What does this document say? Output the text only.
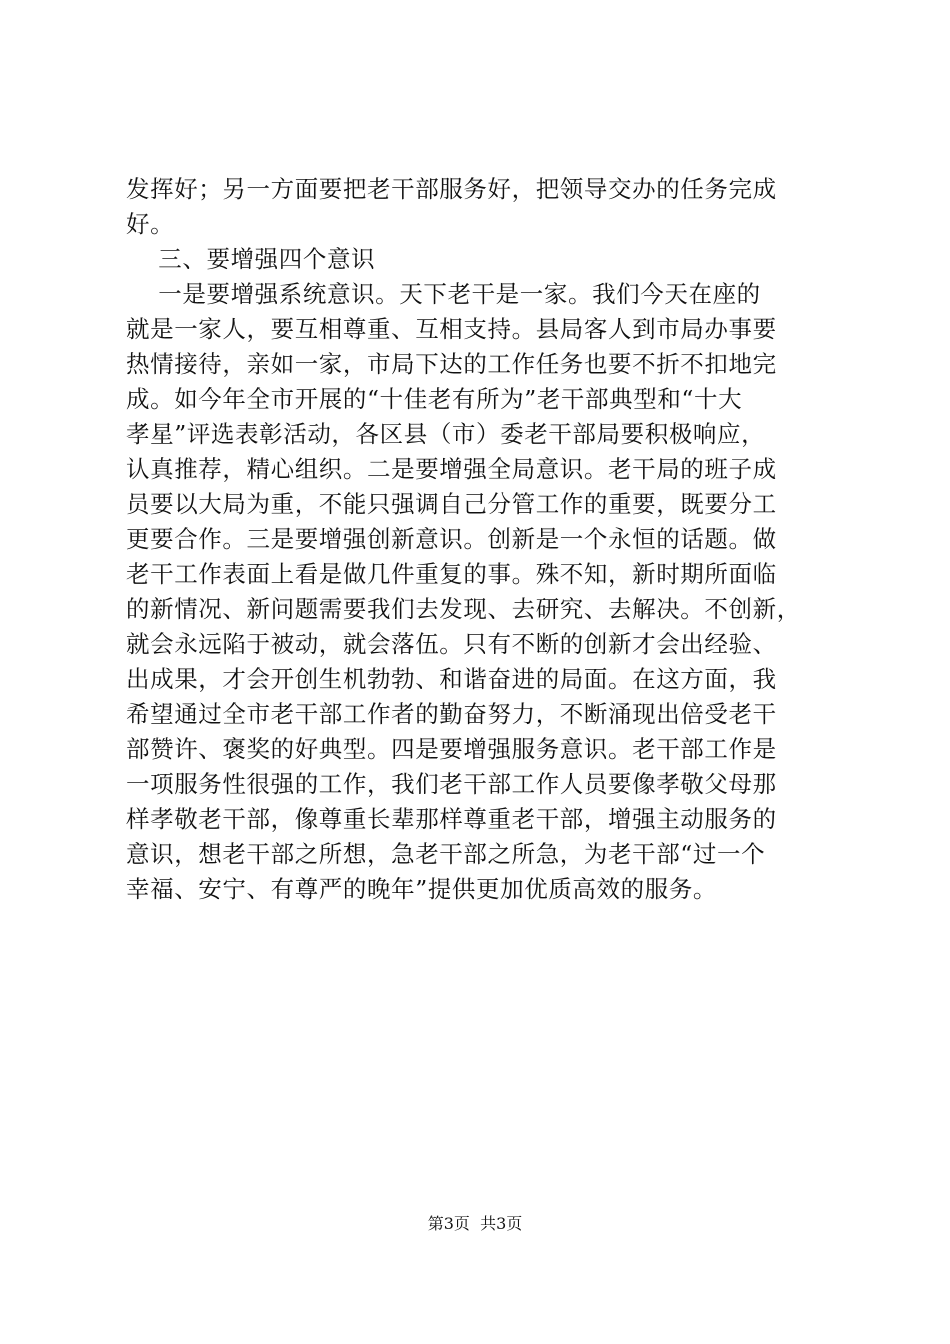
发挥好；另一方面要把老干部服务好，把领导交办的任务完成
好。
三、要增强四个意识
一是要增强系统意识。天下老干是一家。我们今天在座的
就是一家人，要互相尊重、互相支持。县局客人到市局办事要
热情接待，亲如一家，市局下达的工作任务也要不折不扣地完
成。如今年全市开展的“十佳老有所为”老干部典型和“十大
孝星”评选表彰活动，各区县（市）委老干部局要积极响应，
认真推荐，精心组织。二是要增强全局意识。老干局的班子成
员要以大局为重，不能只强调自己分管工作的重要，既要分工
更要合作。三是要增强创新意识。创新是一个永恒的话题。做
老干工作表面上看是做几件重复的事。殊不知，新时期所面临
的新情况、新问题需要我们去发现、去研究、去解决。不创新，
就会永远陷于被动，就会落伍。只有不断的创新才会出经验、
出成果，才会开创生机勃勃、和谐奋进的局面。在这方面，我
希望通过全市老干部工作者的勤奋努力，不断涌现出倍受老干
部赞许、褒奖的好典型。四是要增强服务意识。老干部工作是
一项服务性很强的工作，我们老干部工作人员要像孝敬父母那
样孝敬老干部，像尊重长辈那样尊重老干部，增强主动服务的
意识，想老干部之所想，急老干部之所急，为老干部“过一个
幸福、安宁、有尊严的晚年”提供更加优质高效的服务。
第3页  共3页
